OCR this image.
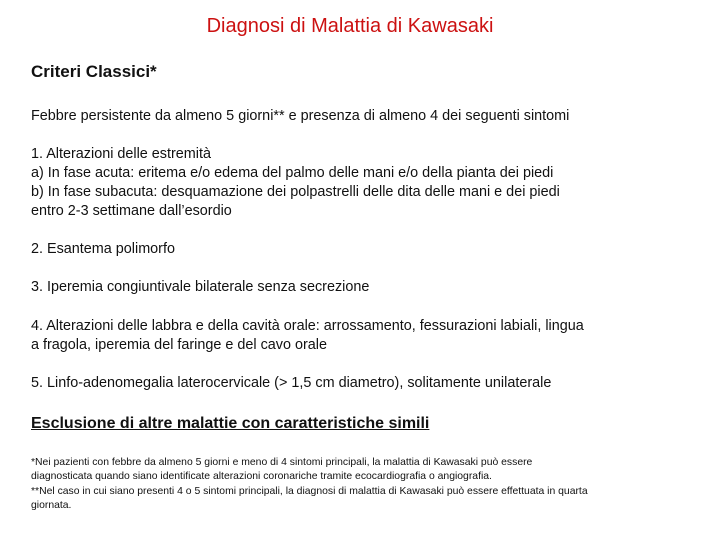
Diagnosi di Malattia di Kawasaki
Criteri Classici*
Febbre persistente da almeno 5 giorni** e presenza di almeno 4 dei seguenti sintomi
1. Alterazioni delle estremità
a) In fase acuta: eritema e/o edema del palmo delle mani e/o della pianta dei piedi
b) In fase subacuta: desquamazione dei polpastrelli delle dita delle mani e dei piedi
entro 2-3 settimane dall’esordio
2. Esantema polimorfo
3. Iperemia congiuntivale bilaterale senza secrezione
4. Alterazioni delle labbra e della cavità orale: arrossamento, fessurazioni labiali, lingua
a fragola, iperemia del faringe e del cavo orale
5. Linfo-adenomegalia laterocervicale (> 1,5 cm diametro), solitamente unilaterale
Esclusione di altre malattie con caratteristiche simili
*Nei pazienti con febbre da almeno 5 giorni e meno di 4 sintomi principali, la malattia di Kawasaki può essere
diagnosticata quando siano identificate alterazioni coronariche tramite ecocardiografia o angiografia.
**Nel caso in cui siano presenti 4 o 5 sintomi principali, la diagnosi di malattia di Kawasaki può essere effettuata in quarta
giornata.
